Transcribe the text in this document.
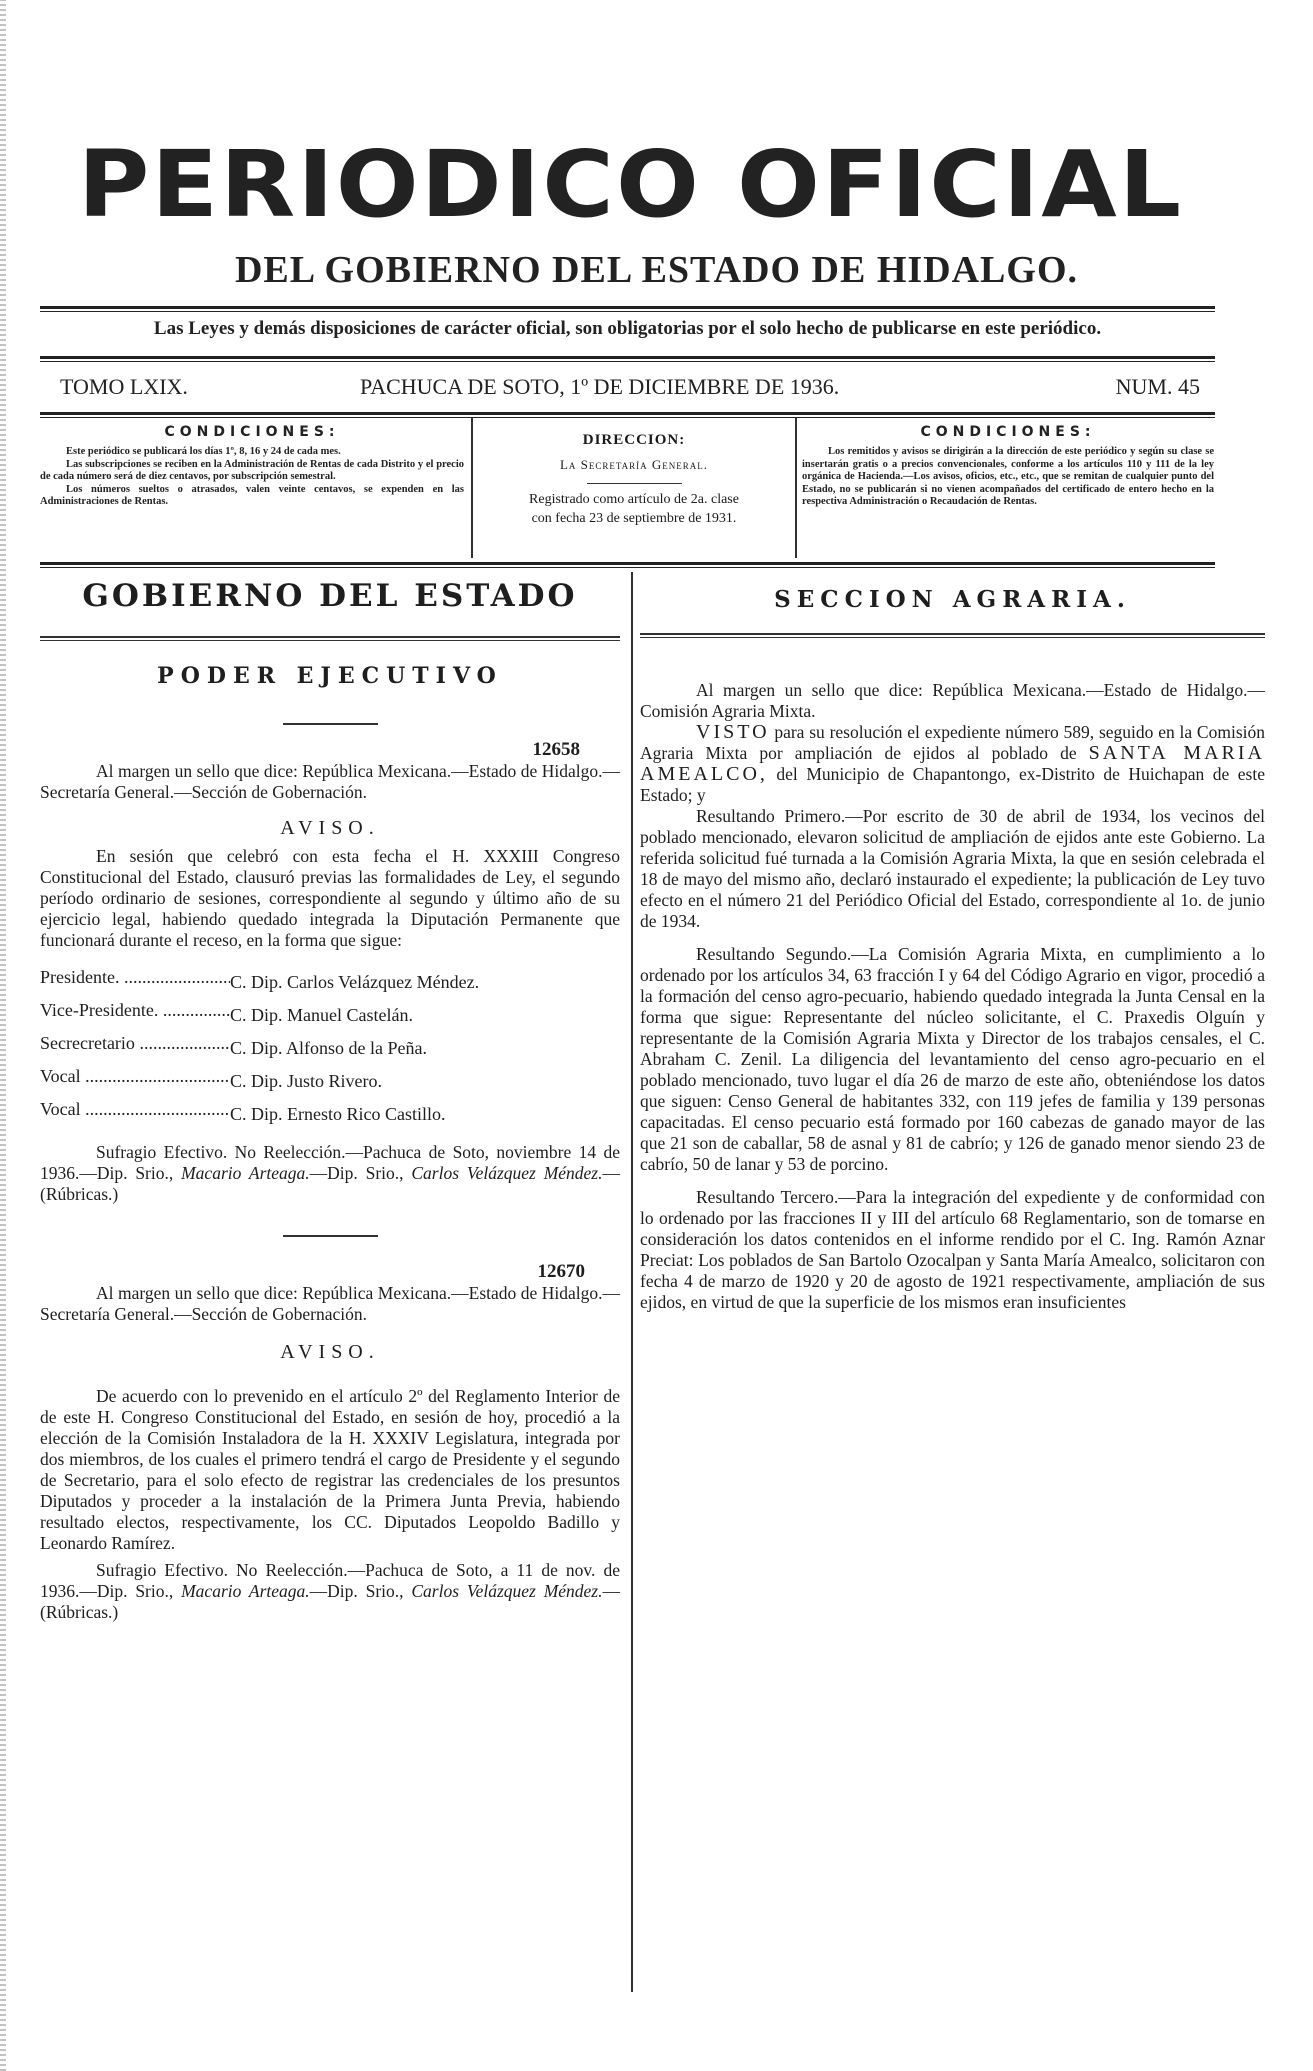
PERIODICO OFICIAL
DEL GOBIERNO DEL ESTADO DE HIDALGO.
Las Leyes y demás disposiciones de carácter oficial, son obligatorias por el solo hecho de publicarse en este periódico.
TOMO LXIX.	PACHUCA DE SOTO, 1º DE DICIEMBRE DE 1936.	NUM. 45
CONDICIONES:

Este periódico se publicará los días 1º, 8, 16 y 24 de cada mes.

Las subscripciones se reciben en la Administración de Rentas de cada Distrito y el precio de cada número será de diez centavos, por subscripción semestral.

Los números sueltos o atrasados, valen veinte centavos, se expenden en las Administraciones de Rentas.

DIRECCION:
La Secretaría General.
Registrado como artículo de 2a. clase
con fecha 23 de septiembre de 1931.
CONDICIONES:

Los remitidos y avisos se dirigirán a la dirección de este periódico y según su clase se insertarán gratis o a precios convencionales, conforme a los artículos 110 y 111 de la ley orgánica de Hacienda.—Los avisos, oficios, etc., etc., que se remitan de cualquier punto del Estado, no se publicarán si no vienen acompañados del certificado de entero hecho en la respectiva Administración o Recaudación de Rentas.

GOBIERNO DEL ESTADO
PODER EJECUTIVO
12658

Al margen un sello que dice: República Mexicana.—Estado de Hidalgo.—Secretaría General.—Sección de Gobernación.

AVISO.

En sesión que celebró con esta fecha el H. XXXIII Congreso Constitucional del Estado, clausuró previas las formalidades de Ley, el segundo período ordinario de sesiones, correspondiente al segundo y último año de su ejercicio legal, habiendo quedado integrada la Diputación Permanente que funcionará durante el receso, en la forma que sigue:

Presidente. .....	C. Dip. Carlos Velázquez Méndez.
Vice-Presidente. .....	C. Dip. Manuel Castelán.
Secrecretario .....	C. Dip. Alfonso de la Peña.
Vocal .....	C. Dip. Justo Rivero.
Vocal .....	C. Dip. Ernesto Rico Castillo.

Sufragio Efectivo. No Reelección.—Pachuca de Soto, noviembre 14 de 1936.—Dip. Srio., Macario Arteaga.—Dip. Srio., Carlos Velázquez Méndez.—(Rúbricas.)

12670

Al margen un sello que dice: República Mexicana.—Estado de Hidalgo.—Secretaría General.—Sección de Gobernación.

AVISO.

De acuerdo con lo prevenido en el artículo 2º del Reglamento Interior de de este H. Congreso Constitucional del Estado, en sesión de hoy, procedió a la elección de la Comisión Instaladora de la H. XXXIV Legislatura, integrada por dos miembros, de los cuales el primero tendrá el cargo de Presidente y el segundo de Secretario, para el solo efecto de registrar las credenciales de los presuntos Diputados y proceder a la instalación de la Primera Junta Previa, habiendo resultado electos, respectivamente, los CC. Diputados Leopoldo Badillo y Leonardo Ramírez.

Sufragio Efectivo. No Reelección.—Pachuca de Soto, a 11 de nov. de 1936.—Dip. Srio., Macario Arteaga.—Dip. Srio., Carlos Velázquez Méndez.—(Rúbricas.)

SECCION AGRARIA.

Al margen un sello que dice: República Mexicana.—Estado de Hidalgo.—Comisión Agraria Mixta.

VISTO para su resolución el expediente número 589, seguido en la Comisión Agraria Mixta por ampliación de ejidos al poblado de SANTA MARIA AMEALCO, del Municipio de Chapantongo, ex-Distrito de Huichapan de este Estado; y

Resultando Primero.—Por escrito de 30 de abril de 1934, los vecinos del poblado mencionado, elevaron solicitud de ampliación de ejidos ante este Gobierno. La referida solicitud fué turnada a la Comisión Agraria Mixta, la que en sesión celebrada el 18 de mayo del mismo año, declaró instaurado el expediente; la publicación de Ley tuvo efecto en el número 21 del Periódico Oficial del Estado, correspondiente al 1o. de junio de 1934.

Resultando Segundo.—La Comisión Agraria Mixta, en cumplimiento a lo ordenado por los artículos 34, 63 fracción I y 64 del Código Agrario en vigor, procedió a la formación del censo agro-pecuario, habiendo quedado integrada la Junta Censal en la forma que sigue: Representante del núcleo solicitante, el C. Praxedis Olguín y representante de la Comisión Agraria Mixta y Director de los trabajos censales, el C. Abraham C. Zenil. La diligencia del levantamiento del censo agro-pecuario en el poblado mencionado, tuvo lugar el día 26 de marzo de este año, obteniéndose los datos que siguen: Censo General de habitantes 332, con 119 jefes de familia y 139 personas capacitadas. El censo pecuario está formado por 160 cabezas de ganado mayor de las que 21 son de caballar, 58 de asnal y 81 de cabrío; y 126 de ganado menor siendo 23 de cabrío, 50 de lanar y 53 de porcino.

Resultando Tercero.—Para la integración del expediente y de conformidad con lo ordenado por las fracciones II y III del artículo 68 Reglamentario, son de tomarse en consideración los datos contenidos en el informe rendido por el C. Ing. Ramón Aznar Preciat: Los poblados de San Bartolo Ozocalpan y Santa María Amealco, solicitaron con fecha 4 de marzo de 1920 y 20 de agosto de 1921 respectivamente, ampliación de sus ejidos, en virtud de que la superficie de los mismos eran insuficientes
